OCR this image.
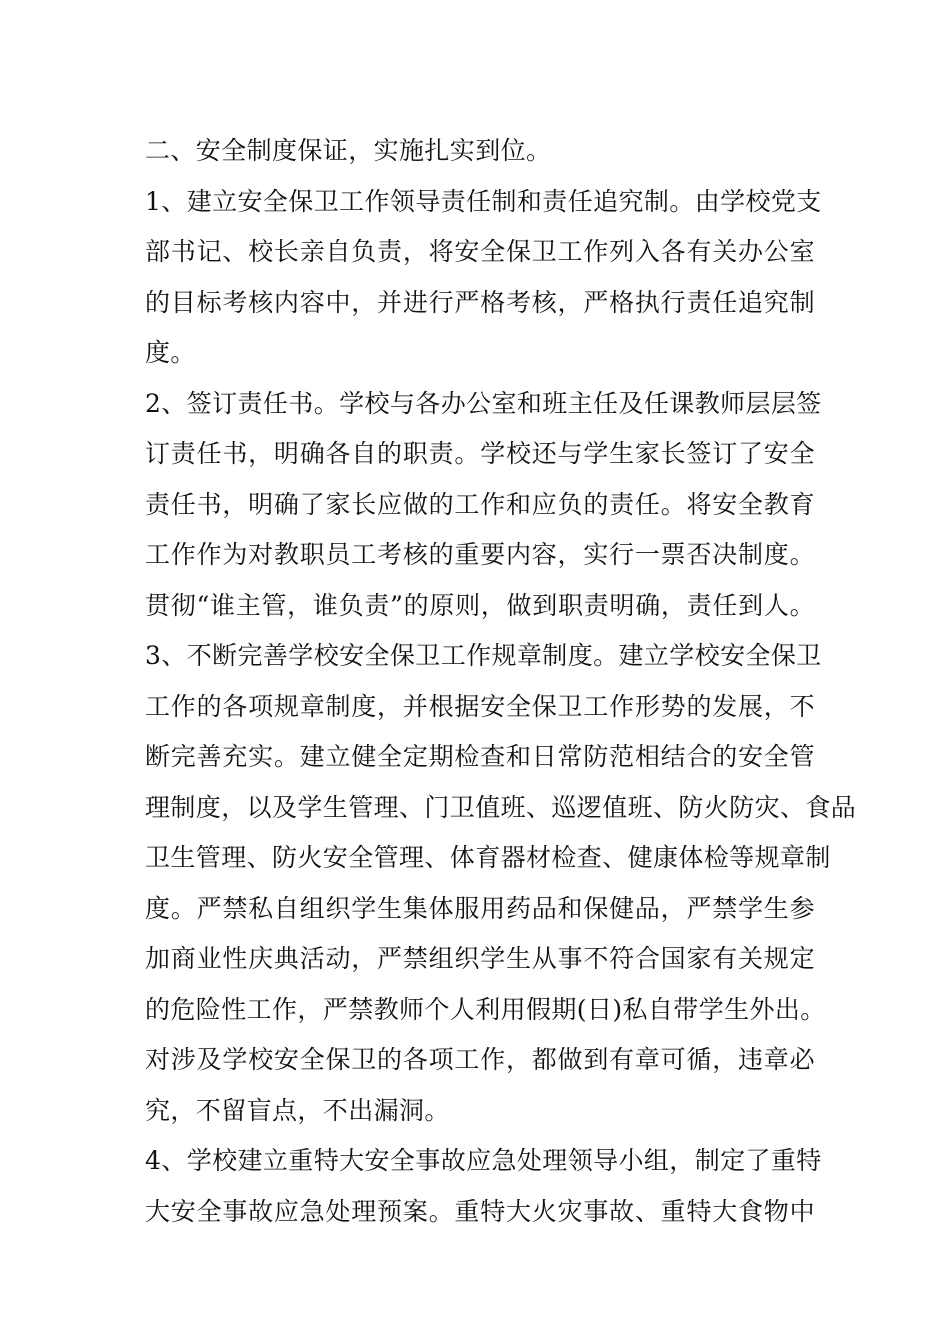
二、安全制度保证，实施扎实到位。
1、建立安全保卫工作领导责任制和责任追究制。由学校党支
部书记、校长亲自负责，将安全保卫工作列入各有关办公室
的目标考核内容中，并进行严格考核，严格执行责任追究制
度。
2、签订责任书。学校与各办公室和班主任及任课教师层层签
订责任书，明确各自的职责。学校还与学生家长签订了安全
责任书，明确了家长应做的工作和应负的责任。将安全教育
工作作为对教职员工考核的重要内容，实行一票否决制度。
贯彻“谁主管，谁负责”的原则，做到职责明确，责任到人。
3、不断完善学校安全保卫工作规章制度。建立学校安全保卫
工作的各项规章制度，并根据安全保卫工作形势的发展，不
断完善充实。建立健全定期检查和日常防范相结合的安全管
理制度，以及学生管理、门卫值班、巡逻值班、防火防灾、食品
卫生管理、防火安全管理、体育器材检查、健康体检等规章制
度。严禁私自组织学生集体服用药品和保健品，严禁学生参
加商业性庆典活动，严禁组织学生从事不符合国家有关规定
的危险性工作，严禁教师个人利用假期(日)私自带学生外出。
对涉及学校安全保卫的各项工作，都做到有章可循，违章必
究，不留盲点，不出漏洞。
4、学校建立重特大安全事故应急处理领导小组，制定了重特
大安全事故应急处理预案。重特大火灾事故、重特大食物中
